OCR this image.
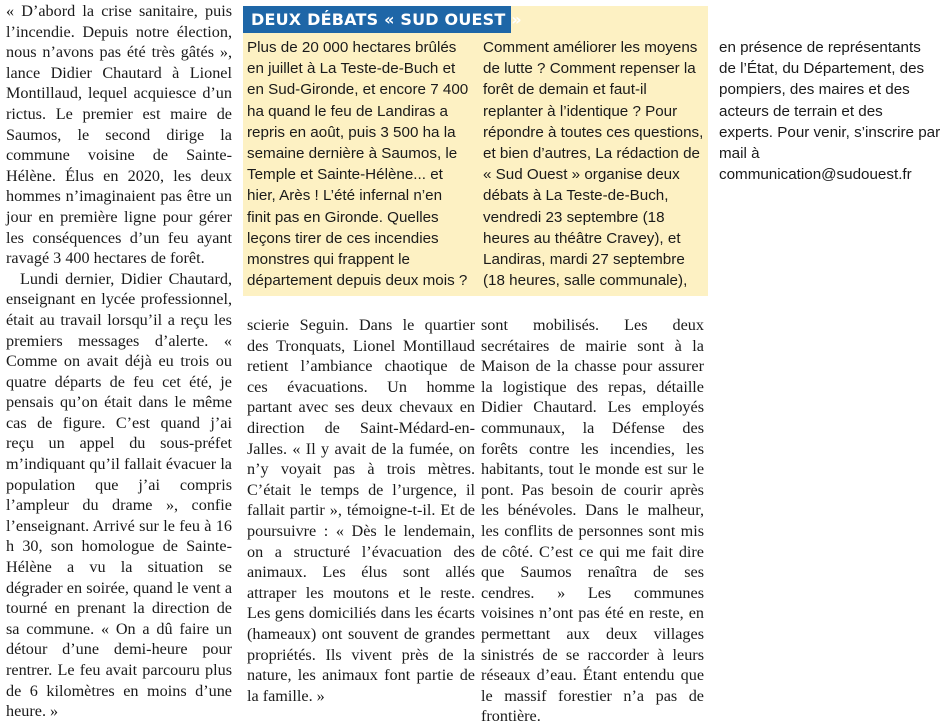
« D’abord la crise sanitaire, puis l’incendie. Depuis notre élection, nous n’avons pas été très gâtés », lance Didier Chautard à Lionel Montillaud, lequel acquiesce d’un rictus. Le premier est maire de Saumos, le second dirige la commune voisine de Sainte-Hélène. Élus en 2020, les deux hommes n’imaginaient pas être un jour en première ligne pour gérer les conséquences d’un feu ayant ravagé 3 400 hectares de forêt.

Lundi dernier, Didier Chautard, enseignant en lycée professionnel, était au travail lorsqu’il a reçu les premiers messages d’alerte. « Comme on avait déjà eu trois ou quatre départs de feu cet été, je pensais qu’on était dans le même cas de figure. C’est quand j’ai reçu un appel du sous-préfet m’indiquant qu’il fallait évacuer la population que j’ai compris l’ampleur du drame », confie l’enseignant. Arrivé sur le feu à 16 h 30, son homologue de Sainte-Hélène a vu la situation se dégrader en soirée, quand le vent a tourné en prenant la direction de sa commune. « On a dû faire un détour d’une demi-heure pour rentrer. Le feu avait parcouru plus de 6 kilomètres en moins d’une heure. »

DEUX DÉBATS « SUD OUEST »

Plus de 20 000 hectares brûlés en juillet à La Teste-de-Buch et en Sud-Gironde, et encore 7 400 ha quand le feu de Landiras a repris en août, puis 3 500 ha la semaine dernière à Saumos, le Temple et Sainte-Hélène... et hier, Arès ! L’été infernal n’en finit pas en Gironde. Quelles leçons tirer de ces incendies monstres qui frappent le département depuis deux mois ? Comment améliorer les moyens de lutte ? Comment repenser la forêt de demain et faut-il replanter à l’identique ? Pour répondre à toutes ces questions, et bien d’autres, La rédaction de « Sud Ouest » organise deux débats à La Teste-de-Buch, vendredi 23 septembre (18 heures au théâtre Cravey), et Landiras, mardi 27 septembre (18 heures, salle communale), en présence de représentants de l’État, du Département, des pompiers, des maires et des acteurs de terrain et des experts. Pour venir, s’inscrire par mail à communication@sudouest.fr

scierie Seguin. Dans le quartier des Tronquats, Lionel Montillaud retient l’ambiance chaotique de ces évacuations. Un homme partant avec ses deux chevaux en direction de Saint-Médard-en-Jalles. « Il y avait de la fumée, on n’y voyait pas à trois mètres. C’était le temps de l’urgence, il fallait partir », témoigne-t-il. Et de poursuivre : « Dès le lendemain, on a structuré l’évacuation des animaux. Les élus sont allés attraper les moutons et le reste. Les gens domiciliés dans les écarts (hameaux) ont souvent de grandes propriétés. Ils vivent près de la nature, les animaux font partie de la famille. »

sont mobilisés. Les deux secrétaires de mairie sont à la Maison de la chasse pour assurer la logistique des repas, détaille Didier Chautard. Les employés communaux, la Défense des forêts contre les incendies, les habitants, tout le monde est sur le pont. Pas besoin de courir après les bénévoles. Dans le malheur, les conflits de personnes sont mis de côté. C’est ce qui me fait dire que Saumos renaîtra de ses cendres. » Les communes voisines n’ont pas été en reste, en permettant aux deux villages sinistrés de se raccorder à leurs réseaux d’eau. Étant entendu que le massif forestier n’a pas de frontière.
